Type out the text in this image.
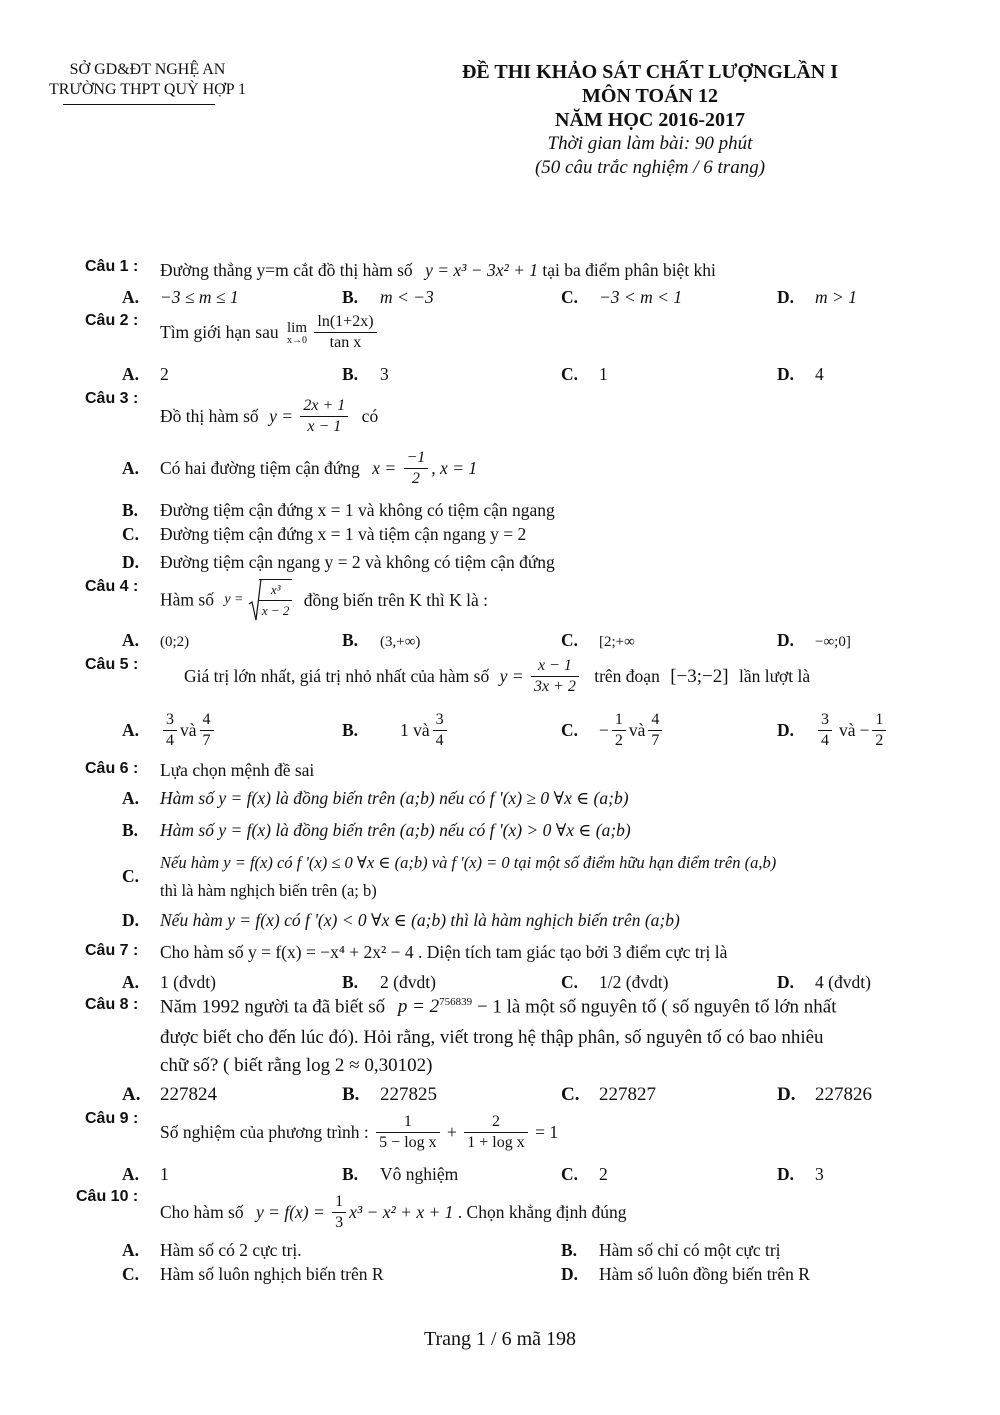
SỞ GD&ĐT NGHỆ AN
TRƯỜNG THPT QUỲ HỢP 1
ĐỀ THI KHẢO SÁT CHẤT LƯỢNGLẦN I
MÔN TOÁN 12
NĂM HỌC 2016-2017
Thời gian làm bài: 90 phút
(50 câu trắc nghiệm / 6 trang)
Câu 1 : Đường thẳng y=m cắt đồ thị hàm số y = x³ − 3x² + 1 tại ba điểm phân biệt khi
A. −3 ≤ m ≤ 1	B. m < −3	C. −3 < m < 1	D. m > 1
Câu 2 :
Tìm giới hạn sau lim
x→0
$\frac{\ln(1+2x)}{\text{tan x}}$
A. 2	B. 3	C. 1	D. 4
Câu 3 :
Đồ thị hàm số $y = \frac{2x + 1}{x - 1}$ có
A. Có hai đường tiệm cận đứng $x = \frac{-1}{2}$ , x = 1
B. Đường tiệm cận đứng x = 1 và không có tiệm cận ngang
C. Đường tiệm cận đứng x = 1 và tiệm cận ngang y = 2
D. Đường tiệm cận ngang y = 2 và không có tiệm cận đứng
Câu 4 :
Hàm số $y = \frac{\text{x³}}{x - 2}$ đồng biến trên K thì K là :
A. (0;2)	B. (3,+∞)	C. [2;+∞	D. −∞;0]
Câu 5 :
Giá trị lớn nhất, giá trị nhỏ nhất của hàm số $y = \frac{x - 1}{3x + 2}$ trên đoạn [−3;−2] lần lượt là
A. $\frac{3}{4}$ và $\frac{4}{7}$	B. 1 và $\frac{3}{4}$	C. − $\frac{1}{2}$ và $\frac{4}{7}$	D. $\frac{3}{4}$ và − $\frac{1}{2}$
Câu 6 : Lựa chọn mệnh đề sai
A. Hàm số y = f(x) là đồng biến trên (a;b) nếu có f '(x) ≥ 0 ∀x ∈ (a;b)
B. Hàm số y = f(x) là đồng biến trên (a;b) nếu có f '(x) > 0 ∀x ∈ (a;b)
C.
Nếu hàm y = f(x) có f '(x) ≤ 0 ∀x ∈ (a;b) và f '(x) = 0 tại một số điểm hữu hạn điểm trên (a,b)
thì là hàm nghịch biến trên (a; b)
D. Nếu hàm y = f(x) có f '(x) < 0 ∀x ∈ (a;b) thì là hàm nghịch biến trên (a;b)
Câu 7 : Cho hàm số y = f(x) = −x⁴ + 2x² − 4 . Diện tích tam giác tạo bởi 3 điểm cực trị là
A. 1 (đvdt)	B. 2 (đvdt)	C. 1/2 (đvdt)	D. 4 (đvdt)
Câu 8 : Năm 1992 người ta đã biết số $p = 2^{756839} - 1$ là một số nguyên tố ( số nguyên tố lớn nhất
được biết cho đến lúc đó). Hỏi rằng, viết trong hệ thập phân, số nguyên tố có bao nhiêu
chữ số? ( biết rằng log 2 ≈ 0,30102)
A. 227824	B. 227825	C. 227827	D. 227826
Câu 9 :
Số nghiệm của phương trình : $\frac{1}{\text{5 − log x}} + \frac{2}{\text{1 + log x}} = 1$
A. 1	B. Vô nghiệm	C. 2	D. 3
Câu 10 :
Cho hàm số $y = f(x) = \frac{1}{3} x^3 - x^2 + x + 1$ . Chọn khẳng định đúng
A. Hàm số có 2 cực trị.	B. Hàm số chỉ có một cực trị
C. Hàm số luôn nghịch biến trên R	D. Hàm số luôn đồng biến trên R
Trang 1 / 6 mã 198
